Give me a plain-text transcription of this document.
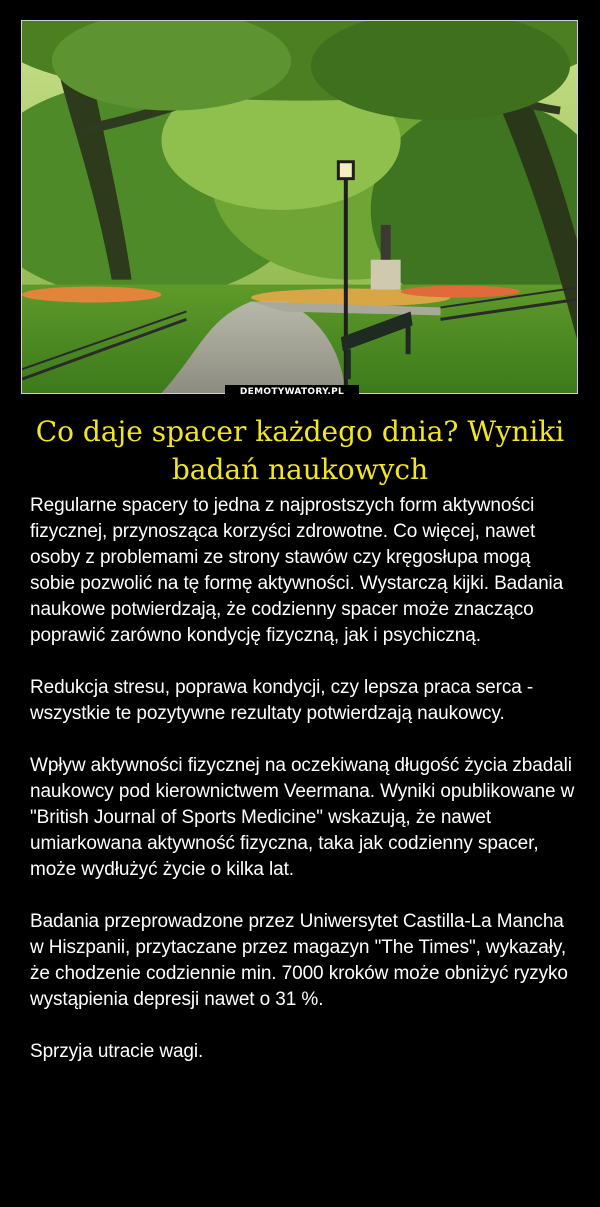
DEMOTYWATORY.PL
Co daje spacer każdego dnia? Wyniki badań naukowych

Regularne spacery to jedna z najprostszych form aktywności fizycznej, przynosząca korzyści zdrowotne. Co więcej, nawet osoby z problemami ze strony stawów czy kręgosłupa mogą sobie pozwolić na tę formę aktywności. Wystarczą kijki. Badania naukowe potwierdzają, że codzienny spacer może znacząco poprawić zarówno kondycję fizyczną, jak i psychiczną.

Redukcja stresu, poprawa kondycji, czy lepsza praca serca - wszystkie te pozytywne rezultaty potwierdzają naukowcy.

Wpływ aktywności fizycznej na oczekiwaną długość życia zbadali naukowcy pod kierownictwem Veermana. Wyniki opublikowane w "British Journal of Sports Medicine" wskazują, że nawet umiarkowana aktywność fizyczna, taka jak codzienny spacer, może wydłużyć życie o kilka lat.

Badania przeprowadzone przez Uniwersytet Castilla-La Mancha w Hiszpanii, przytaczane przez magazyn "The Times", wykazały, że chodzenie codziennie min. 7000 kroków może obniżyć ryzyko wystąpienia depresji nawet o 31 %.

Sprzyja utracie wagi.
